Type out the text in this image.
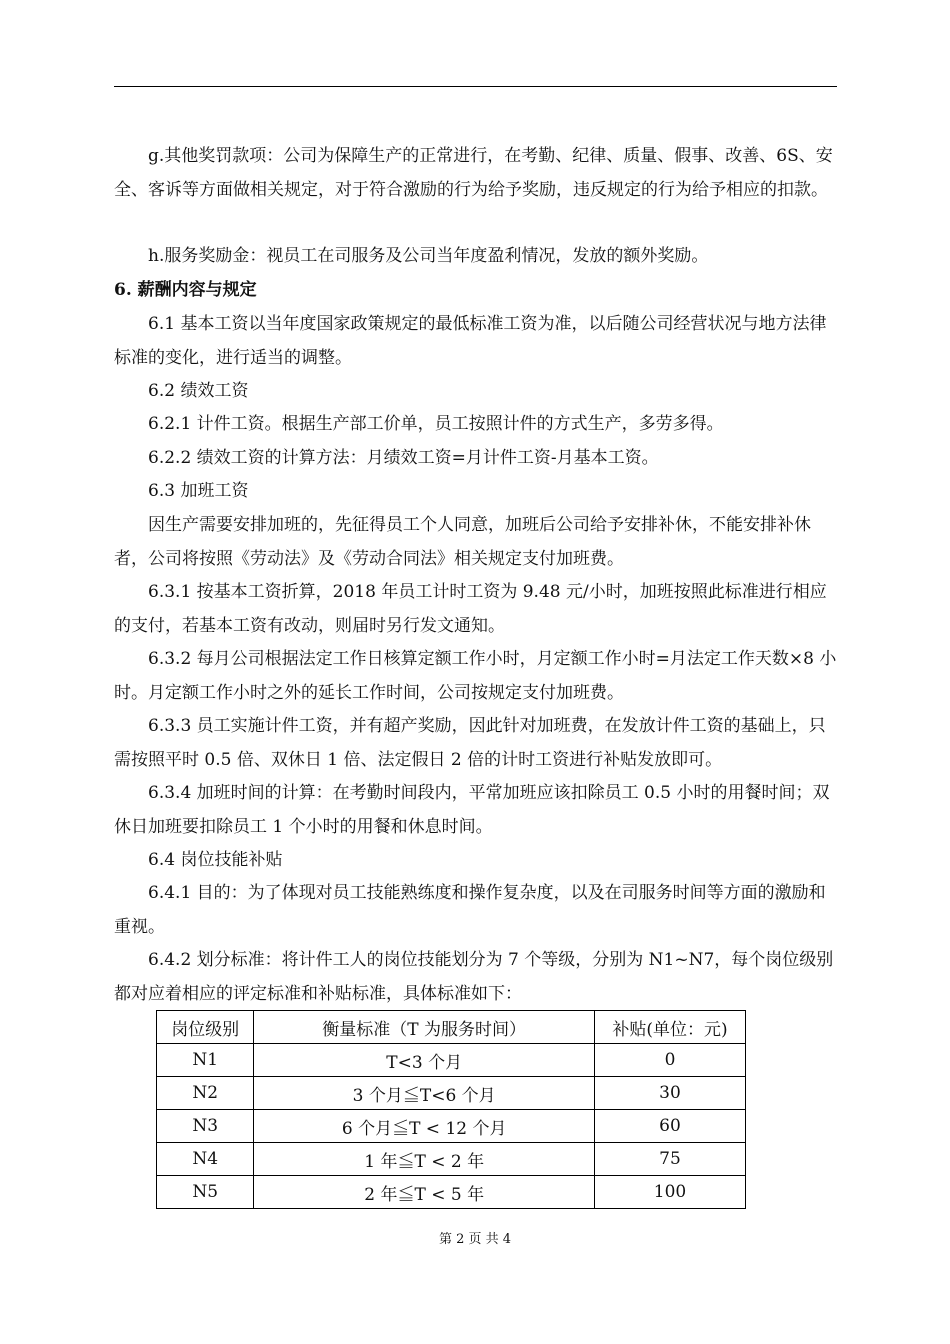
g.其他奖罚款项：公司为保障生产的正常进行，在考勤、纪律、质量、假事、改善、6S、安全、客诉等方面做相关规定，对于符合激励的行为给予奖励，违反规定的行为给予相应的扣款。

h.服务奖励金：视员工在司服务及公司当年度盈利情况，发放的额外奖励。

6. 薪酬内容与规定

6.1 基本工资以当年度国家政策规定的最低标准工资为准，以后随公司经营状况与地方法律标准的变化，进行适当的调整。

6.2 绩效工资

6.2.1 计件工资。根据生产部工价单，员工按照计件的方式生产，多劳多得。

6.2.2 绩效工资的计算方法：月绩效工资=月计件工资-月基本工资。

6.3 加班工资

因生产需要安排加班的，先征得员工个人同意，加班后公司给予安排补休，不能安排补休者，公司将按照《劳动法》及《劳动合同法》相关规定支付加班费。

6.3.1 按基本工资折算，2018 年员工计时工资为 9.48 元/小时，加班按照此标准进行相应的支付，若基本工资有改动，则届时另行发文通知。

6.3.2 每月公司根据法定工作日核算定额工作小时，月定额工作小时=月法定工作天数×8 小时。月定额工作小时之外的延长工作时间，公司按规定支付加班费。

6.3.3 员工实施计件工资，并有超产奖励，因此针对加班费，在发放计件工资的基础上，只需按照平时 0.5 倍、双休日 1 倍、法定假日 2 倍的计时工资进行补贴发放即可。

6.3.4 加班时间的计算：在考勤时间段内，平常加班应该扣除员工 0.5 小时的用餐时间；双休日加班要扣除员工 1 个小时的用餐和休息时间。

6.4 岗位技能补贴

6.4.1 目的：为了体现对员工技能熟练度和操作复杂度，以及在司服务时间等方面的激励和重视。

6.4.2 划分标准：将计件工人的岗位技能划分为 7 个等级，分别为 N1~N7，每个岗位级别都对应着相应的评定标准和补贴标准，具体标准如下：

岗位级别	衡量标准（T 为服务时间）	补贴(单位：元)
N1	T<3 个月	0
N2	3 个月≦T<6 个月	30
N3	6 个月≦T < 12 个月	60
N4	1 年≦T < 2 年	75
N5	2 年≦T < 5 年	100
第 2 页 共 4
